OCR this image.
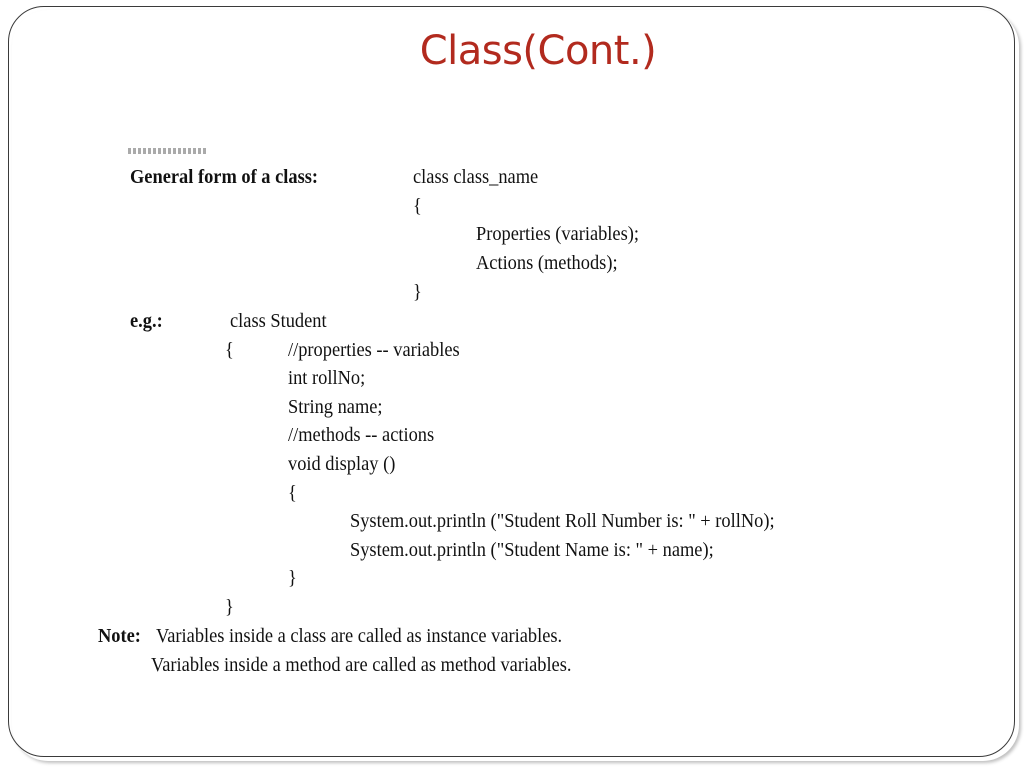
Class(Cont.)
General form of a class:	class class_name
{
Properties (variables);
Actions (methods);
}
e.g.:	class Student
{	//properties -- variables
int rollNo;
String name;
//methods -- actions
void display ()
{
System.out.println ("Student Roll Number is: " + rollNo);
System.out.println ("Student Name is: " + name);
}
}
Note: Variables inside a class are called as instance variables.
Variables inside a method are called as method variables.
